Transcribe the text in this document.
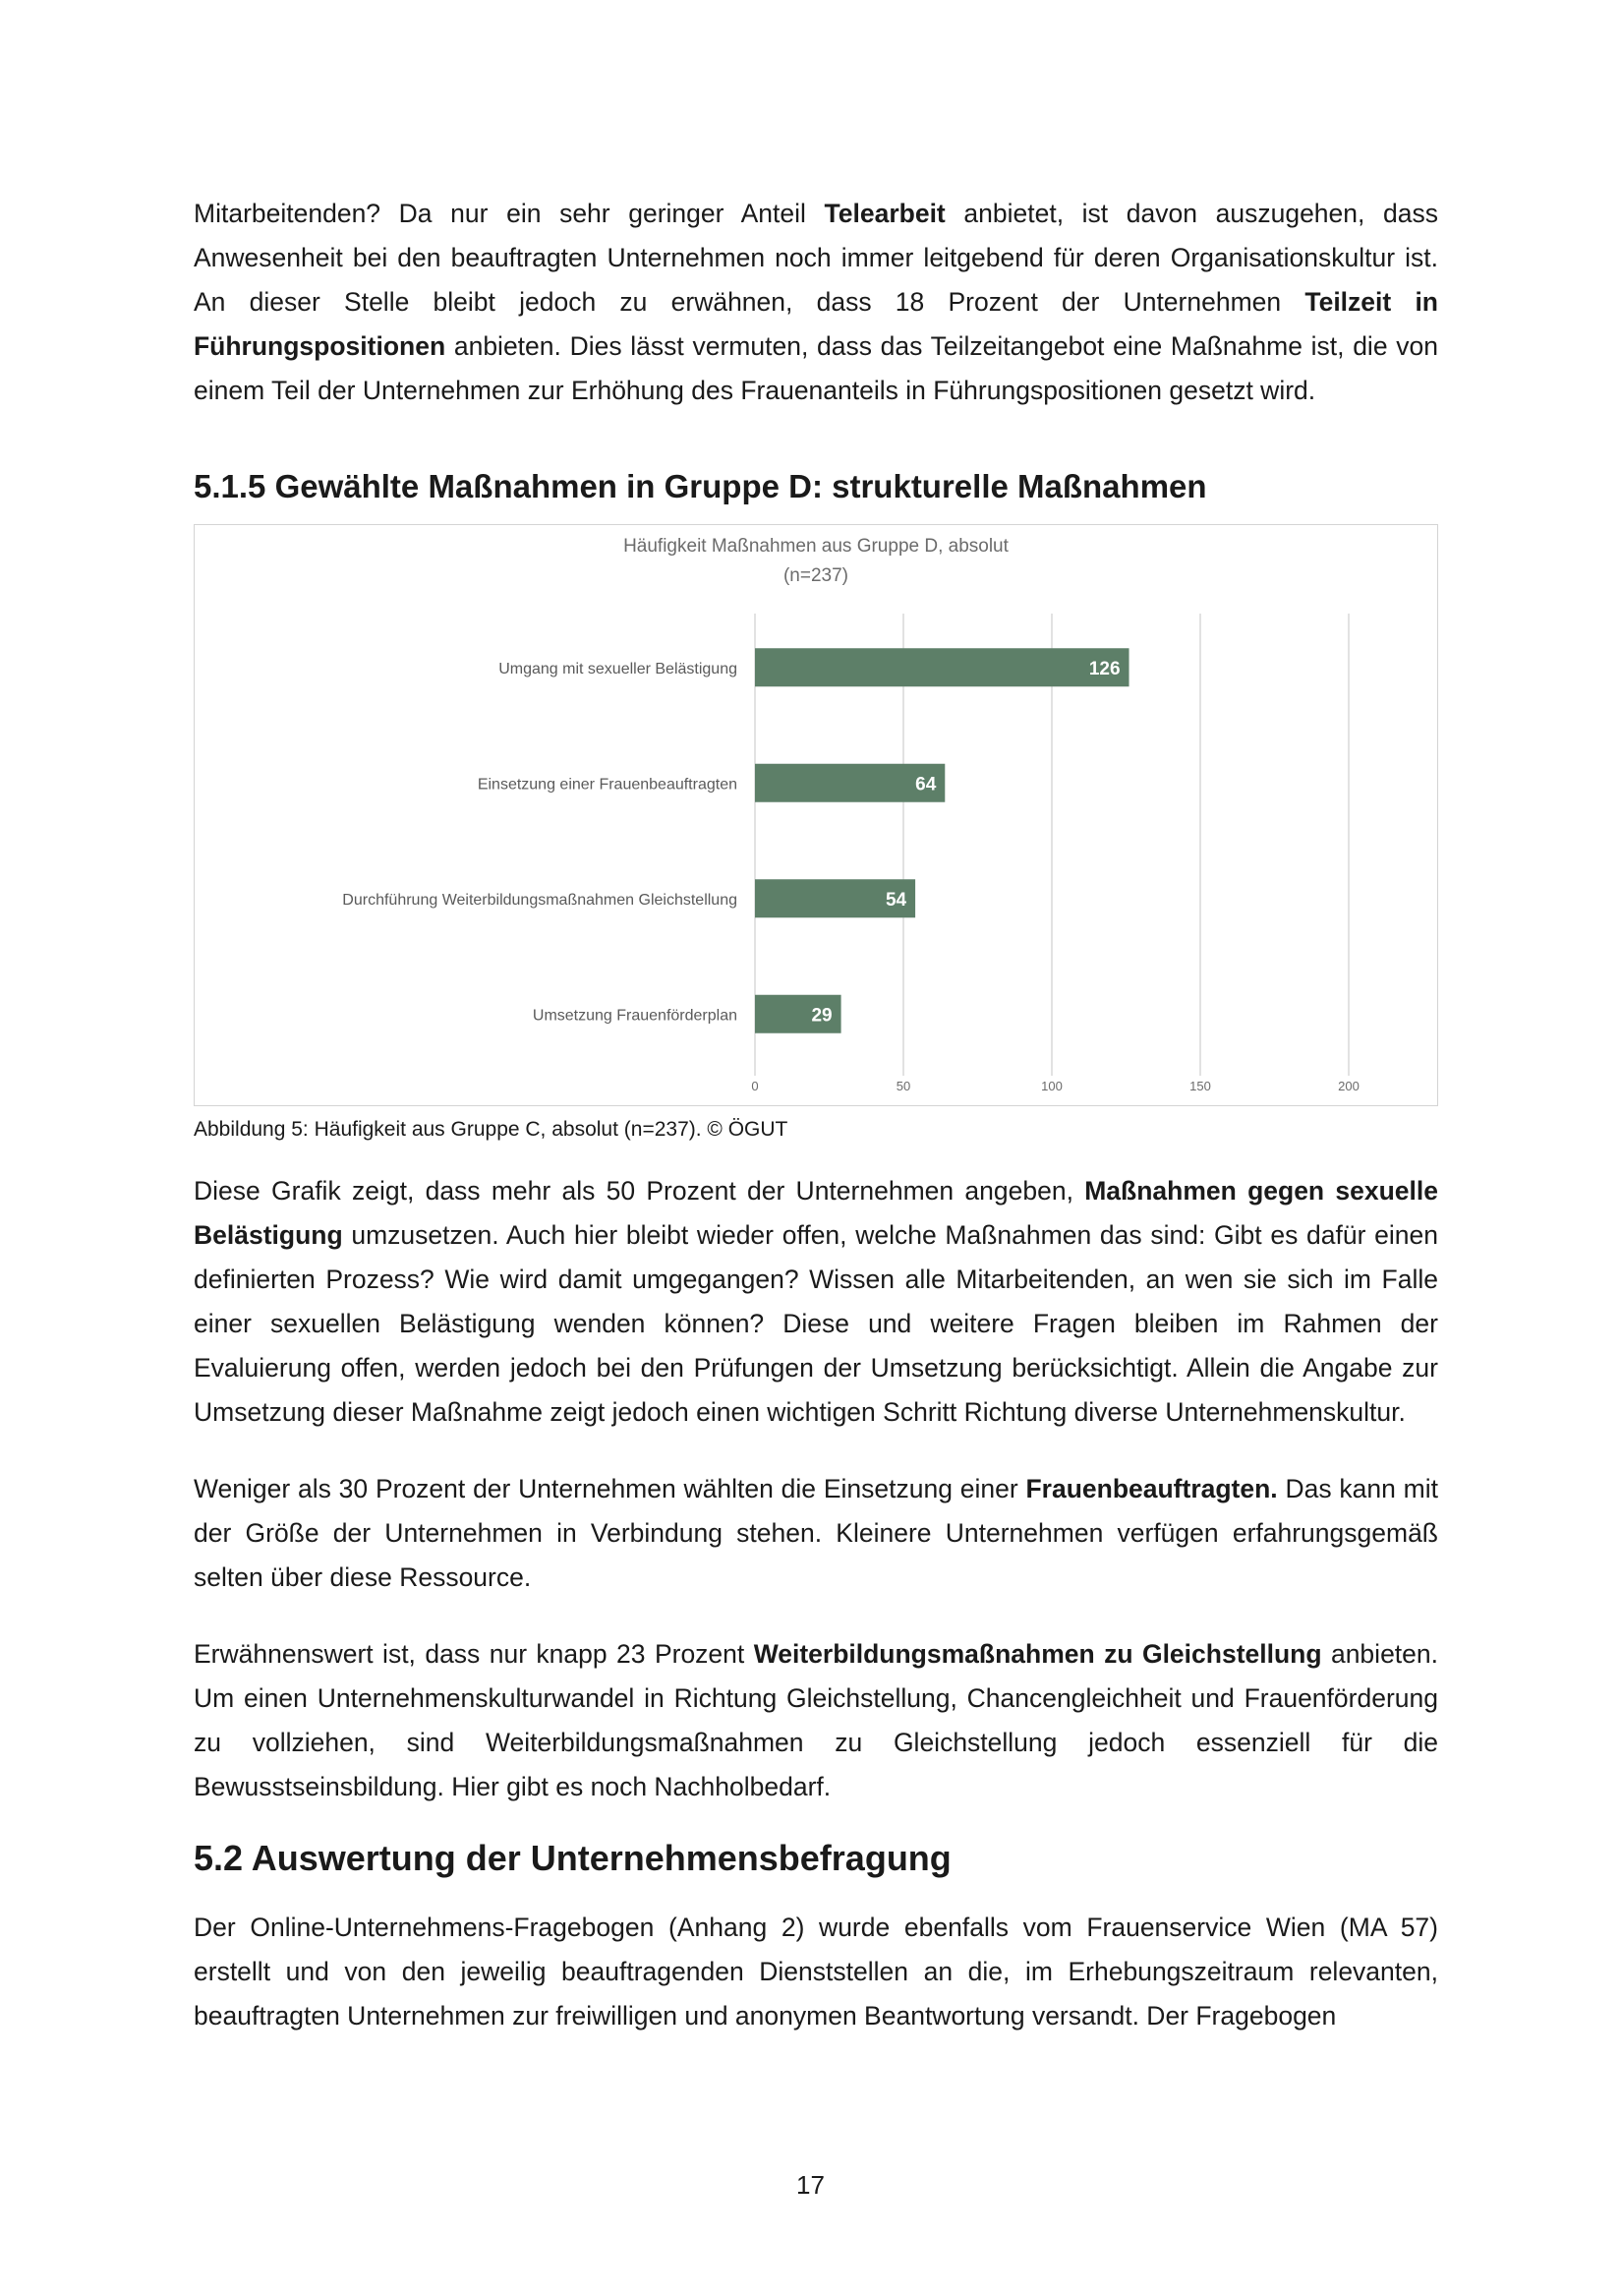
Mitarbeitenden? Da nur ein sehr geringer Anteil Telearbeit anbietet, ist davon auszugehen, dass Anwesenheit bei den beauftragten Unternehmen noch immer leitgebend für deren Organisationskultur ist. An dieser Stelle bleibt jedoch zu erwähnen, dass 18 Prozent der Unternehmen Teilzeit in Führungspositionen anbieten. Dies lässt vermuten, dass das Teilzeitangebot eine Maßnahme ist, die von einem Teil der Unternehmen zur Erhöhung des Frauenanteils in Führungspositionen gesetzt wird.

5.1.5 Gewählte Maßnahmen in Gruppe D: strukturelle Maßnahmen
Häufigkeit Maßnahmen aus Gruppe D, absolut
(n=237)
0	50	100	150	200
126
Umgang mit sexueller Belästigung
64
Einsetzung einer Frauenbeauftragten
54
Durchführung Weiterbildungsmaßnahmen Gleichstellung
29
Umsetzung Frauenförderplan
Abbildung 5: Häufigkeit aus Gruppe C, absolut (n=237). © ÖGUT

Diese Grafik zeigt, dass mehr als 50 Prozent der Unternehmen angeben, Maßnahmen gegen sexuelle Belästigung umzusetzen. Auch hier bleibt wieder offen, welche Maßnahmen das sind: Gibt es dafür einen definierten Prozess? Wie wird damit umgegangen? Wissen alle Mitarbeitenden, an wen sie sich im Falle einer sexuellen Belästigung wenden können? Diese und weitere Fragen bleiben im Rahmen der Evaluierung offen, werden jedoch bei den Prüfungen der Umsetzung berücksichtigt. Allein die Angabe zur Umsetzung dieser Maßnahme zeigt jedoch einen wichtigen Schritt Richtung diverse Unternehmenskultur.

Weniger als 30 Prozent der Unternehmen wählten die Einsetzung einer Frauenbeauftragten. Das kann mit der Größe der Unternehmen in Verbindung stehen. Kleinere Unternehmen verfügen erfahrungsgemäß selten über diese Ressource.

Erwähnenswert ist, dass nur knapp 23 Prozent Weiterbildungsmaßnahmen zu Gleichstellung anbieten. Um einen Unternehmenskulturwandel in Richtung Gleichstellung, Chancengleichheit und Frauenförderung zu vollziehen, sind Weiterbildungsmaßnahmen zu Gleichstellung jedoch essenziell für die Bewusstseinsbildung. Hier gibt es noch Nachholbedarf.

5.2 Auswertung der Unternehmensbefragung

Der Online-Unternehmens-Fragebogen (Anhang 2) wurde ebenfalls vom Frauenservice Wien (MA 57) erstellt und von den jeweilig beauftragenden Dienststellen an die, im Erhebungszeitraum relevanten, beauftragten Unternehmen zur freiwilligen und anonymen Beantwortung versandt. Der Fragebogen

17
